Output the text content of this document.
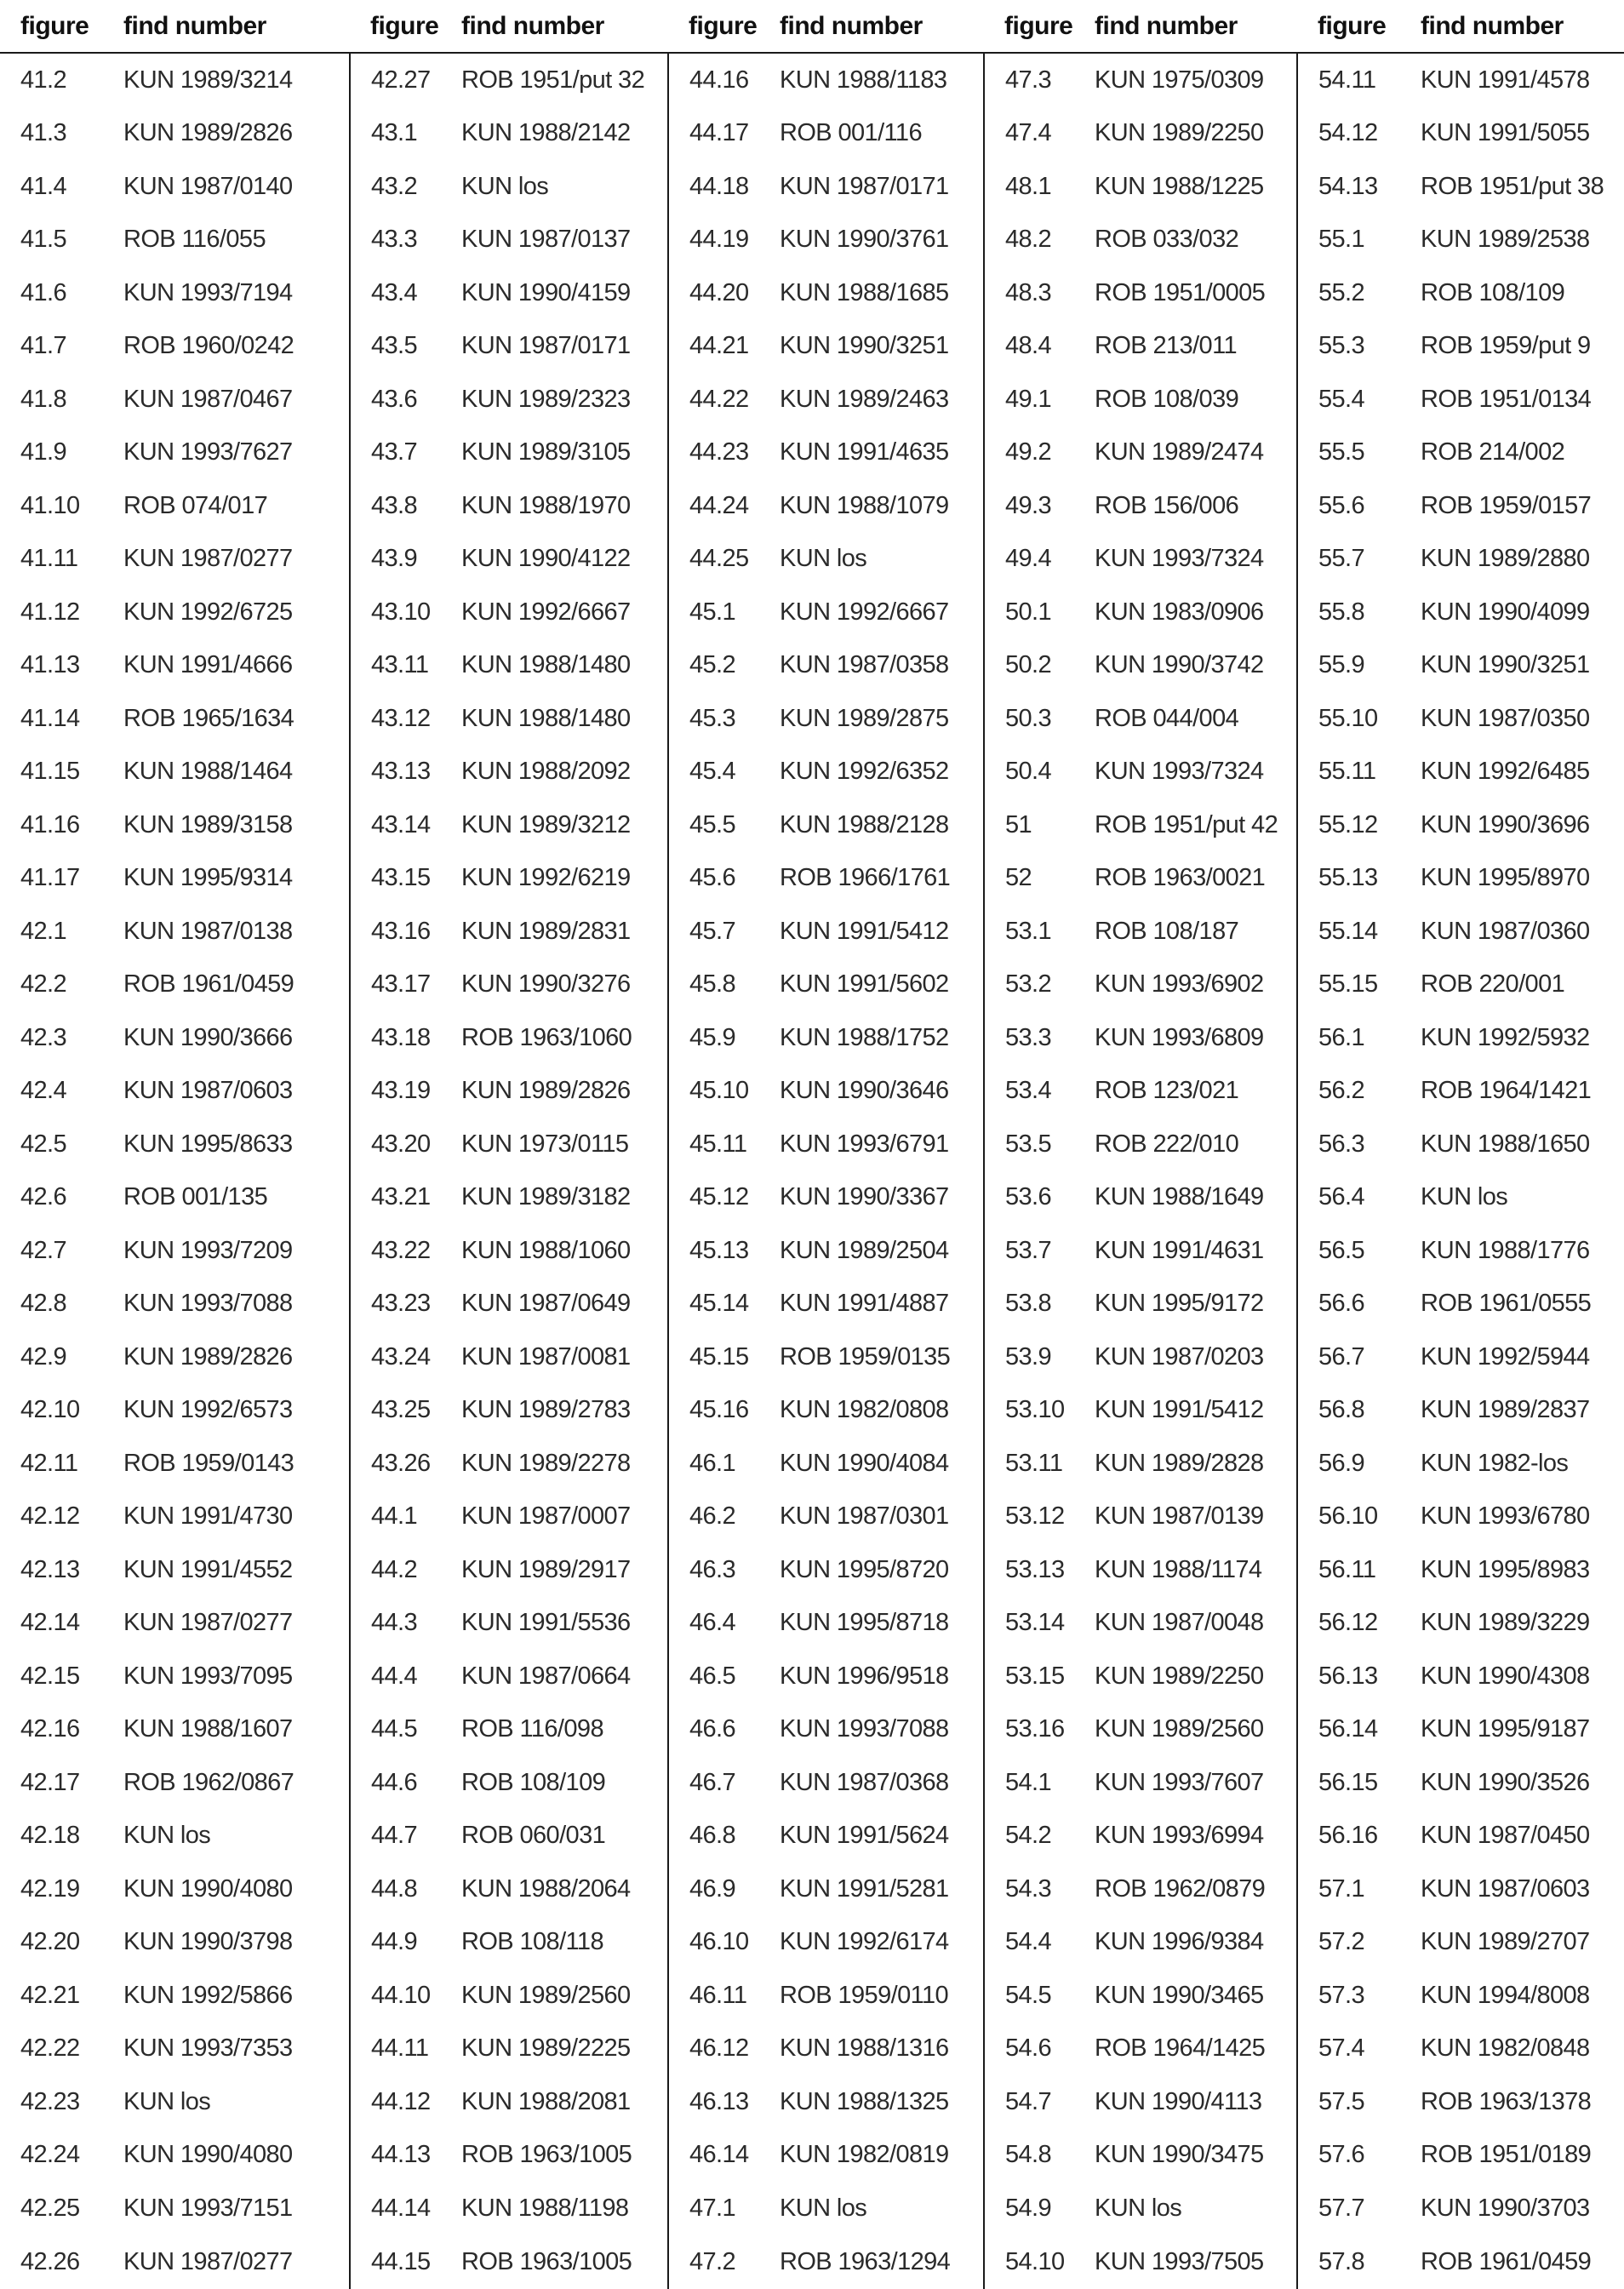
figure	find number	figure	find number	figure	find number	figure	find number	figure	find number
41.2	KUN 1989/3214	42.27	ROB 1951/put 32	44.16	KUN 1988/1183	47.3	KUN 1975/0309	54.11	KUN 1991/4578
41.3	KUN 1989/2826	43.1	KUN 1988/2142	44.17	ROB 001/116	47.4	KUN 1989/2250	54.12	KUN 1991/5055
41.4	KUN 1987/0140	43.2	KUN los	44.18	KUN 1987/0171	48.1	KUN 1988/1225	54.13	ROB 1951/put 38
41.5	ROB 116/055	43.3	KUN 1987/0137	44.19	KUN 1990/3761	48.2	ROB 033/032	55.1	KUN 1989/2538
41.6	KUN 1993/7194	43.4	KUN 1990/4159	44.20	KUN 1988/1685	48.3	ROB 1951/0005	55.2	ROB 108/109
41.7	ROB 1960/0242	43.5	KUN 1987/0171	44.21	KUN 1990/3251	48.4	ROB 213/011	55.3	ROB 1959/put 9
41.8	KUN 1987/0467	43.6	KUN 1989/2323	44.22	KUN 1989/2463	49.1	ROB 108/039	55.4	ROB 1951/0134
41.9	KUN 1993/7627	43.7	KUN 1989/3105	44.23	KUN 1991/4635	49.2	KUN 1989/2474	55.5	ROB 214/002
41.10	ROB 074/017	43.8	KUN 1988/1970	44.24	KUN 1988/1079	49.3	ROB 156/006	55.6	ROB 1959/0157
41.11	KUN 1987/0277	43.9	KUN 1990/4122	44.25	KUN los	49.4	KUN 1993/7324	55.7	KUN 1989/2880
41.12	KUN 1992/6725	43.10	KUN 1992/6667	45.1	KUN 1992/6667	50.1	KUN 1983/0906	55.8	KUN 1990/4099
41.13	KUN 1991/4666	43.11	KUN 1988/1480	45.2	KUN 1987/0358	50.2	KUN 1990/3742	55.9	KUN 1990/3251
41.14	ROB 1965/1634	43.12	KUN 1988/1480	45.3	KUN 1989/2875	50.3	ROB 044/004	55.10	KUN 1987/0350
41.15	KUN 1988/1464	43.13	KUN 1988/2092	45.4	KUN 1992/6352	50.4	KUN 1993/7324	55.11	KUN 1992/6485
41.16	KUN 1989/3158	43.14	KUN 1989/3212	45.5	KUN 1988/2128	51	ROB 1951/put 42	55.12	KUN 1990/3696
41.17	KUN 1995/9314	43.15	KUN 1992/6219	45.6	ROB 1966/1761	52	ROB 1963/0021	55.13	KUN 1995/8970
42.1	KUN 1987/0138	43.16	KUN 1989/2831	45.7	KUN 1991/5412	53.1	ROB 108/187	55.14	KUN 1987/0360
42.2	ROB 1961/0459	43.17	KUN 1990/3276	45.8	KUN 1991/5602	53.2	KUN 1993/6902	55.15	ROB 220/001
42.3	KUN 1990/3666	43.18	ROB 1963/1060	45.9	KUN 1988/1752	53.3	KUN 1993/6809	56.1	KUN 1992/5932
42.4	KUN 1987/0603	43.19	KUN 1989/2826	45.10	KUN 1990/3646	53.4	ROB 123/021	56.2	ROB 1964/1421
42.5	KUN 1995/8633	43.20	KUN 1973/0115	45.11	KUN 1993/6791	53.5	ROB 222/010	56.3	KUN 1988/1650
42.6	ROB 001/135	43.21	KUN 1989/3182	45.12	KUN 1990/3367	53.6	KUN 1988/1649	56.4	KUN los
42.7	KUN 1993/7209	43.22	KUN 1988/1060	45.13	KUN 1989/2504	53.7	KUN 1991/4631	56.5	KUN 1988/1776
42.8	KUN 1993/7088	43.23	KUN 1987/0649	45.14	KUN 1991/4887	53.8	KUN 1995/9172	56.6	ROB 1961/0555
42.9	KUN 1989/2826	43.24	KUN 1987/0081	45.15	ROB 1959/0135	53.9	KUN 1987/0203	56.7	KUN 1992/5944
42.10	KUN 1992/6573	43.25	KUN 1989/2783	45.16	KUN 1982/0808	53.10	KUN 1991/5412	56.8	KUN 1989/2837
42.11	ROB 1959/0143	43.26	KUN 1989/2278	46.1	KUN 1990/4084	53.11	KUN 1989/2828	56.9	KUN 1982-los
42.12	KUN 1991/4730	44.1	KUN 1987/0007	46.2	KUN 1987/0301	53.12	KUN 1987/0139	56.10	KUN 1993/6780
42.13	KUN 1991/4552	44.2	KUN 1989/2917	46.3	KUN 1995/8720	53.13	KUN 1988/1174	56.11	KUN 1995/8983
42.14	KUN 1987/0277	44.3	KUN 1991/5536	46.4	KUN 1995/8718	53.14	KUN 1987/0048	56.12	KUN 1989/3229
42.15	KUN 1993/7095	44.4	KUN 1987/0664	46.5	KUN 1996/9518	53.15	KUN 1989/2250	56.13	KUN 1990/4308
42.16	KUN 1988/1607	44.5	ROB 116/098	46.6	KUN 1993/7088	53.16	KUN 1989/2560	56.14	KUN 1995/9187
42.17	ROB 1962/0867	44.6	ROB 108/109	46.7	KUN 1987/0368	54.1	KUN 1993/7607	56.15	KUN 1990/3526
42.18	KUN los	44.7	ROB 060/031	46.8	KUN 1991/5624	54.2	KUN 1993/6994	56.16	KUN 1987/0450
42.19	KUN 1990/4080	44.8	KUN 1988/2064	46.9	KUN 1991/5281	54.3	ROB 1962/0879	57.1	KUN 1987/0603
42.20	KUN 1990/3798	44.9	ROB 108/118	46.10	KUN 1992/6174	54.4	KUN 1996/9384	57.2	KUN 1989/2707
42.21	KUN 1992/5866	44.10	KUN 1989/2560	46.11	ROB 1959/0110	54.5	KUN 1990/3465	57.3	KUN 1994/8008
42.22	KUN 1993/7353	44.11	KUN 1989/2225	46.12	KUN 1988/1316	54.6	ROB 1964/1425	57.4	KUN 1982/0848
42.23	KUN los	44.12	KUN 1988/2081	46.13	KUN 1988/1325	54.7	KUN 1990/4113	57.5	ROB 1963/1378
42.24	KUN 1990/4080	44.13	ROB 1963/1005	46.14	KUN 1982/0819	54.8	KUN 1990/3475	57.6	ROB 1951/0189
42.25	KUN 1993/7151	44.14	KUN 1988/1198	47.1	KUN los	54.9	KUN los	57.7	KUN 1990/3703
42.26	KUN 1987/0277	44.15	ROB 1963/1005	47.2	ROB 1963/1294	54.10	KUN 1993/7505	57.8	ROB 1961/0459
